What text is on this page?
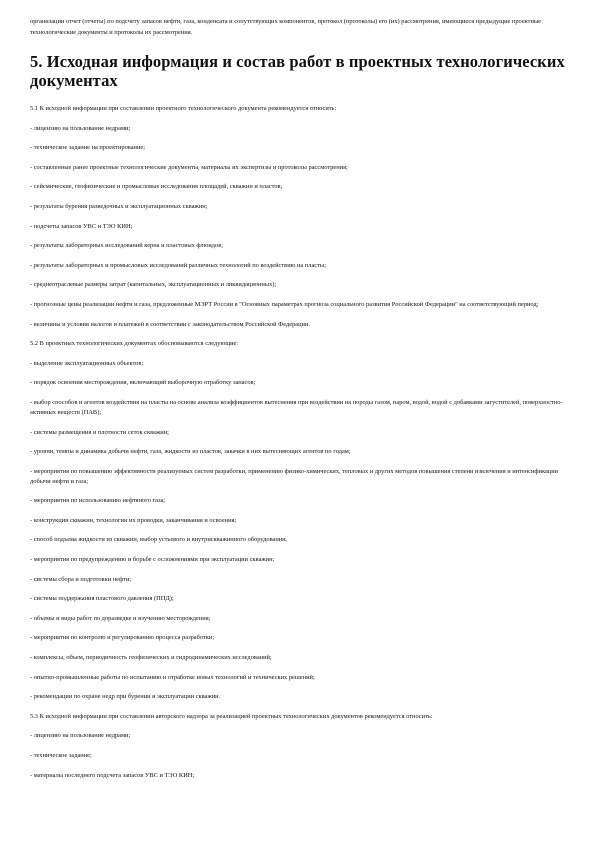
организации отчет (отчеты) по подсчету запасов нефти, газа, конденсата и сопутствующих компонентов, протокол (протоколы) его (их) рассмотрения, имеющиеся предыдущие проектные технологические документы и протоколы их рассмотрения.

5. Исходная информация и состав работ в проектных технологических документах
5.1 К исходной информации при составлении проектного технологического документа рекомендуется относить:
- лицензию на пользование недрами;
- техническое задание на проектирование;
- составленные ранее проектные технологические документы, материалы их экспертизы и протоколы рассмотрения;
- сейсмические, геофизические и промысловые исследования площадей, скважин и пластов;
- результаты бурения разведочных и эксплуатационных скважин;
- подсчеты запасов УВС и ТЭО КИН;
- результаты лабораторных исследований керна и пластовых флюидов;
- результаты лабораторных и промысловых исследований различных технологий по воздействию на пласты;
- среднеотраслевые размеры затрат (капитальных, эксплуатационных и ликвидационных);
- прогнозные цены реализации нефти и газа, предложенные МЭРТ России в "Основных параметрах прогноза социального развития Российской Федерации" на соответствующий период;
- величины и условия налогов и платежей в соответствии с законодательством Российской Федерации.
5.2 В проектных технологических документах обосновываются следующие:
- выделение эксплуатационных объектов;
- порядок освоения месторождения, включающий выборочную отработку запасов;
- выбор способов и агентов воздействия на пласты на основе анализа коэффициентов вытеснения при воздействии на породы газом, паром, водой, водой с добавками загустителей, поверхностно-активных веществ (ПАВ);
- системы размещения и плотности сеток скважин;
- уровни, темпы и динамика добычи нефти, газа, жидкости из пластов, закачки в них вытесняющих агентов по годам;
- мероприятия по повышению эффективности реализуемых систем разработки, применению физико-химических, тепловых и других методов повышения степени извлечения и интенсификации добычи нефти и газа;
- мероприятия по использованию нефтяного газа;
- конструкции скважин, технологии их проводки, заканчивания и освоения;
- способ подъема жидкости из скважин, выбор устьевого и внутрискважинного оборудования;
- мероприятия по предупреждению и борьбе с осложнениями при эксплуатации скважин;
- системы сбора и подготовки нефти;
- системы поддержания пластового давления (ППД);
- объемы и виды работ по доразведке и изучению месторождения;
- мероприятия по контролю и регулированию процесса разработки;
- комплексы, объем, периодичность геофизических и гидродинамических исследований;
- опытно-промышленные работы по испытанию и отработке новых технологий и технических решений;
- рекомендации по охране недр при бурении и эксплуатации скважин.
5.3 К исходной информации при составлении авторского надзора за реализацией проектных технологических документов рекомендуется относить:
- лицензию на пользование недрами;
- техническое задание;
- материалы последнего подсчета запасов УВС и ТЭО КИН;
